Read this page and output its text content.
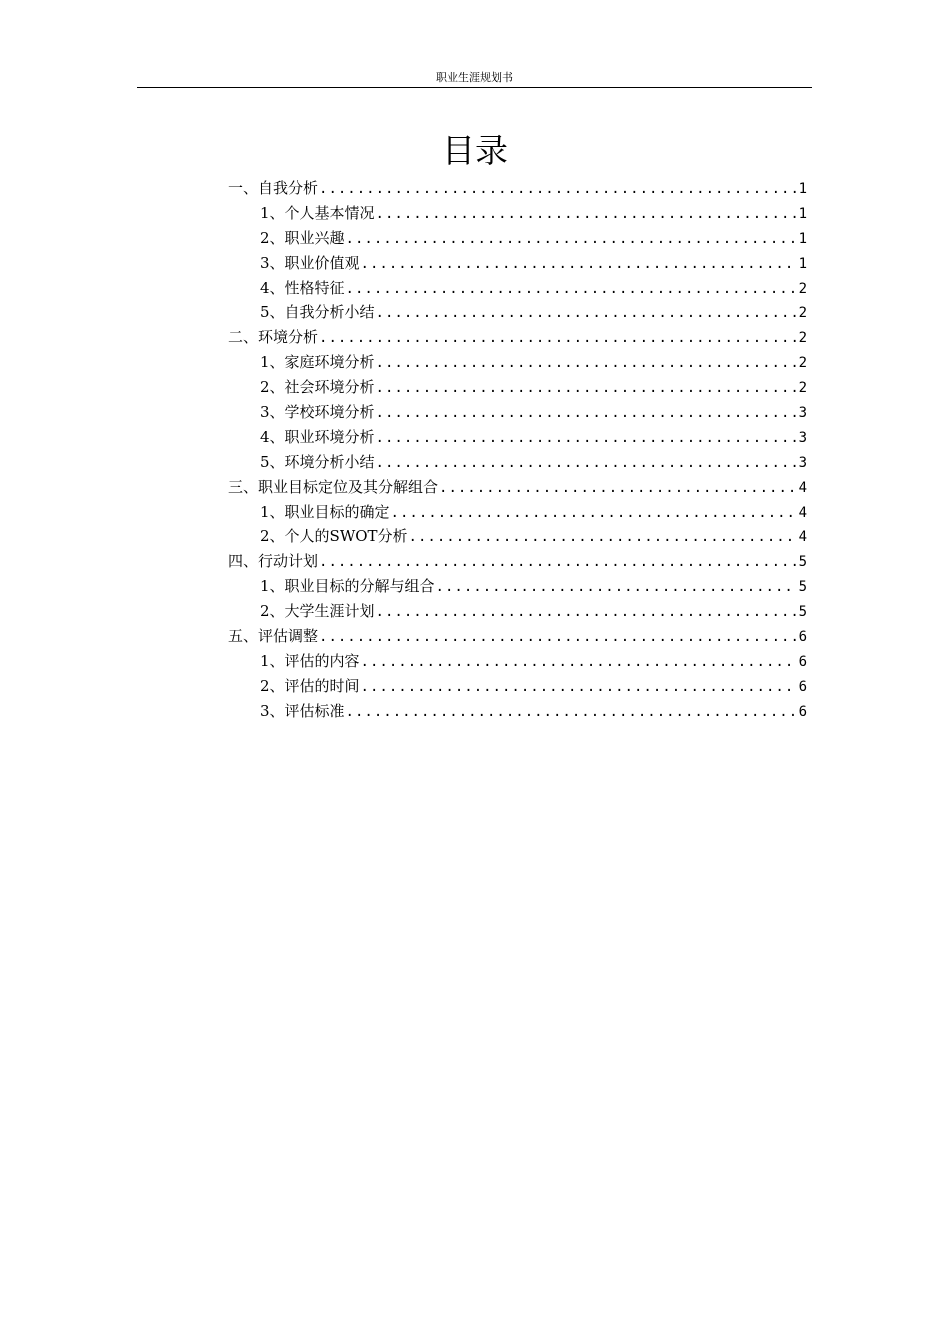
职业生涯规划书
目录
一、自我分析 .....	1
1、个人基本情况 .....	1
2、职业兴趣 .....	1
3、职业价值观 .....	1
4、性格特征 .....	2
5、自我分析小结 .....	2
二、环境分析 .....	2
1、家庭环境分析 .....	2
2、社会环境分析 .....	2
3、学校环境分析 .....	3
4、职业环境分析 .....	3
5、环境分析小结 .....	3
三、职业目标定位及其分解组合 .....	4
1、职业目标的确定 .....	4
2、个人的SWOT分析 .....	4
四、行动计划 .....	5
1、职业目标的分解与组合 .....	5
2、大学生涯计划 .....	5
五、评估调整 .....	6
1、评估的内容 .....	6
2、评估的时间 .....	6
3、评估标准 .....	6
